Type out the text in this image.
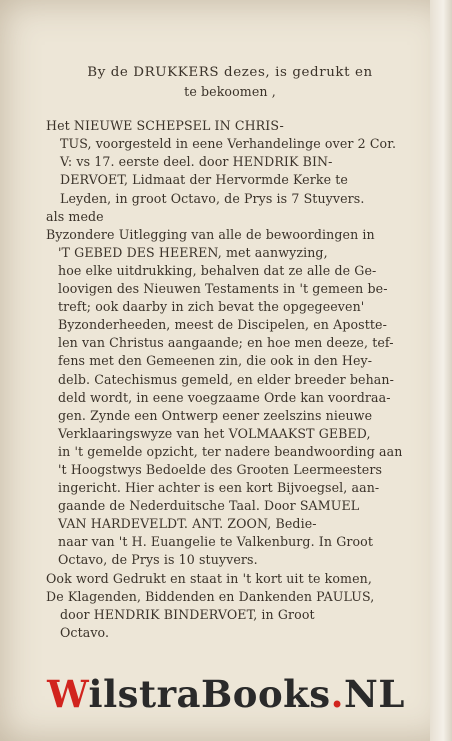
By de DRUKKERS dezes, is gedrukt en
te bekoomen ,
Het NIEUWE SCHEPSEL IN CHRIS-
TUS, voorgesteld in eene Verhandelinge over 2 Cor.
V: vs 17. eerste deel. door HENDRIK BIN-
DERVOET, Lidmaat der Hervormde Kerke te
Leyden, in groot Octavo, de Prys is 7 Stuyvers.
als mede
Byzondere Uitlegging van alle de bewoordingen in
'T GEBED DES HEEREN, met aanwyzing,
hoe elke uitdrukking, behalven dat ze alle de Ge-
loovigen des Nieuwen Testaments in 't gemeen be-
treft; ook daarby in zich bevat the opgegeeven'
Byzonderheeden, meest de Discipelen, en Apostte-
len van Christus aangaande; en hoe men deeze, tef-
fens met den Gemeenen zin, die ook in den Hey-
delb. Catechismus gemeld, en elder breeder behan-
deld wordt, in eene voegzaame Orde kan voordraa-
gen. Zynde een Ontwerp eener zeelszins nieuwe
Verklaaringswyze van het VOLMAAKST GEBED,
in 't gemelde opzicht, ter nadere beandwoording aan
't Hoogstwys Bedoelde des Grooten Leermeesters
ingericht. Hier achter is een kort Bijvoegsel, aan-
gaande de Nederduitsche Taal. Door SAMUEL
VAN HARDEVELDT. ANT. ZOON, Bedie-
naar van 't H. Euangelie te Valkenburg. In Groot
Octavo, de Prys is 10 stuyvers.
Ook word Gedrukt en staat in 't kort uit te komen,
De Klagenden, Biddenden en Dankenden PAULUS,
door HENDRIK BINDERVOET, in Groot
Octavo.
WilstraBooks.NL
